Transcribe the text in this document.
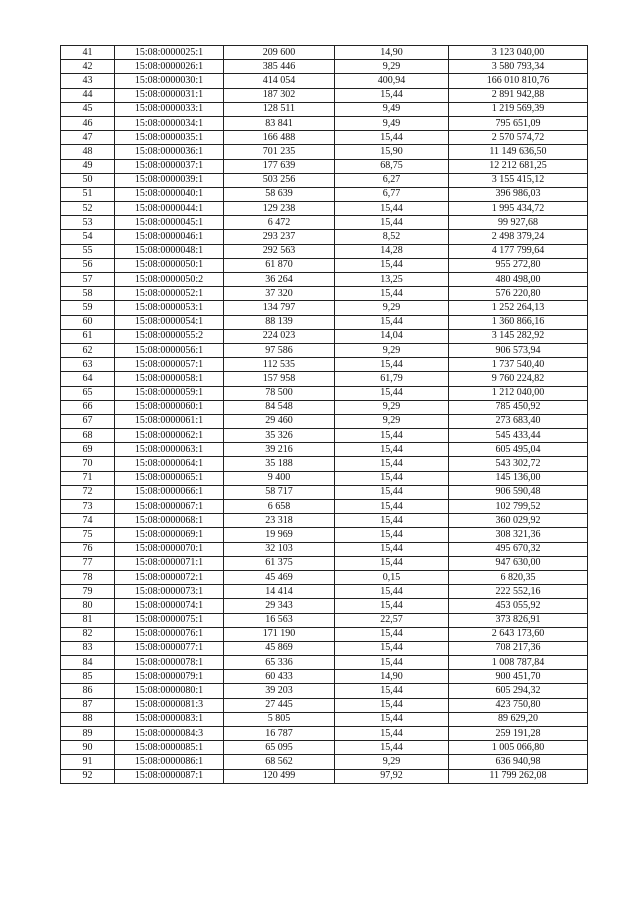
41	15:08:0000025:1	209 600	14,90	3 123 040,00
42	15:08:0000026:1	385 446	9,29	3 580 793,34
43	15:08:0000030:1	414 054	400,94	166 010 810,76
44	15:08:0000031:1	187 302	15,44	2 891 942,88
45	15:08:0000033:1	128 511	9,49	1 219 569,39
46	15:08:0000034:1	83 841	9,49	795 651,09
47	15:08:0000035:1	166 488	15,44	2 570 574,72
48	15:08:0000036:1	701 235	15,90	11 149 636,50
49	15:08:0000037:1	177 639	68,75	12 212 681,25
50	15:08:0000039:1	503 256	6,27	3 155 415,12
51	15:08:0000040:1	58 639	6,77	396 986,03
52	15:08:0000044:1	129 238	15,44	1 995 434,72
53	15:08:0000045:1	6 472	15,44	99 927,68
54	15:08:0000046:1	293 237	8,52	2 498 379,24
55	15:08:0000048:1	292 563	14,28	4 177 799,64
56	15:08:0000050:1	61 870	15,44	955 272,80
57	15:08:0000050:2	36 264	13,25	480 498,00
58	15:08:0000052:1	37 320	15,44	576 220,80
59	15:08:0000053:1	134 797	9,29	1 252 264,13
60	15:08:0000054:1	88 139	15,44	1 360 866,16
61	15:08:0000055:2	224 023	14,04	3 145 282,92
62	15:08:0000056:1	97 586	9,29	906 573,94
63	15:08:0000057:1	112 535	15,44	1 737 540,40
64	15:08:0000058:1	157 958	61,79	9 760 224,82
65	15:08:0000059:1	78 500	15,44	1 212 040,00
66	15:08:0000060:1	84 548	9,29	785 450,92
67	15:08:0000061:1	29 460	9,29	273 683,40
68	15:08:0000062:1	35 326	15,44	545 433,44
69	15:08:0000063:1	39 216	15,44	605 495,04
70	15:08:0000064:1	35 188	15,44	543 302,72
71	15:08:0000065:1	9 400	15,44	145 136,00
72	15:08:0000066:1	58 717	15,44	906 590,48
73	15:08:0000067:1	6 658	15,44	102 799,52
74	15:08:0000068:1	23 318	15,44	360 029,92
75	15:08:0000069:1	19 969	15,44	308 321,36
76	15:08:0000070:1	32 103	15,44	495 670,32
77	15:08:0000071:1	61 375	15,44	947 630,00
78	15:08:0000072:1	45 469	0,15	6 820,35
79	15:08:0000073:1	14 414	15,44	222 552,16
80	15:08:0000074:1	29 343	15,44	453 055,92
81	15:08:0000075:1	16 563	22,57	373 826,91
82	15:08:0000076:1	171 190	15,44	2 643 173,60
83	15:08:0000077:1	45 869	15,44	708 217,36
84	15:08:0000078:1	65 336	15,44	1 008 787,84
85	15:08:0000079:1	60 433	14,90	900 451,70
86	15:08:0000080:1	39 203	15,44	605 294,32
87	15:08:0000081:3	27 445	15,44	423 750,80
88	15:08:0000083:1	5 805	15,44	89 629,20
89	15:08:0000084:3	16 787	15,44	259 191,28
90	15:08:0000085:1	65 095	15,44	1 005 066,80
91	15:08:0000086:1	68 562	9,29	636 940,98
92	15:08:0000087:1	120 499	97,92	11 799 262,08
